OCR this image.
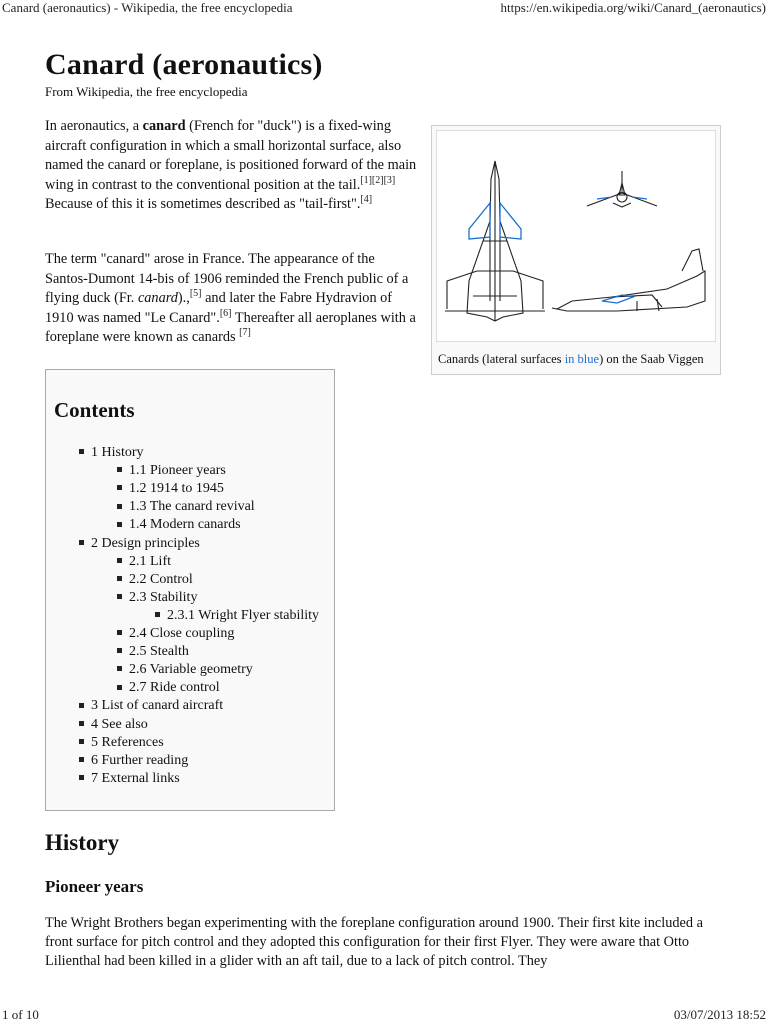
Canard (aeronautics) - Wikipedia, the free encyclopedia	https://en.wikipedia.org/wiki/Canard_(aeronautics)
Canard (aeronautics)
From Wikipedia, the free encyclopedia

In aeronautics, a canard (French for "duck") is a fixed-wing aircraft configuration in which a small horizontal surface, also named the canard or foreplane, is positioned forward of the main wing in contrast to the conventional position at the tail.[1][2][3] Because of this it is sometimes described as "tail-first".[4]

The term "canard" arose in France. The appearance of the Santos-Dumont 14-bis of 1906 reminded the French public of a flying duck (Fr. canard).,[5] and later the Fabre Hydravion of 1910 was named "Le Canard".[6] Thereafter all aeroplanes with a foreplane were known as canards [7]

Canards (lateral surfaces in blue) on the Saab Viggen
Contents
1 History
1.1 Pioneer years
1.2 1914 to 1945
1.3 The canard revival
1.4 Modern canards
2 Design principles
2.1 Lift
2.2 Control
2.3 Stability
2.3.1 Wright Flyer stability
2.4 Close coupling
2.5 Stealth
2.6 Variable geometry
2.7 Ride control
3 List of canard aircraft
4 See also
5 References
6 Further reading
7 External links
History
Pioneer years

The Wright Brothers began experimenting with the foreplane configuration around 1900. Their first kite included a front surface for pitch control and they adopted this configuration for their first Flyer. They were aware that Otto Lilienthal had been killed in a glider with an aft tail, due to a lack of pitch control. They

1 of 10	03/07/2013 18:52
